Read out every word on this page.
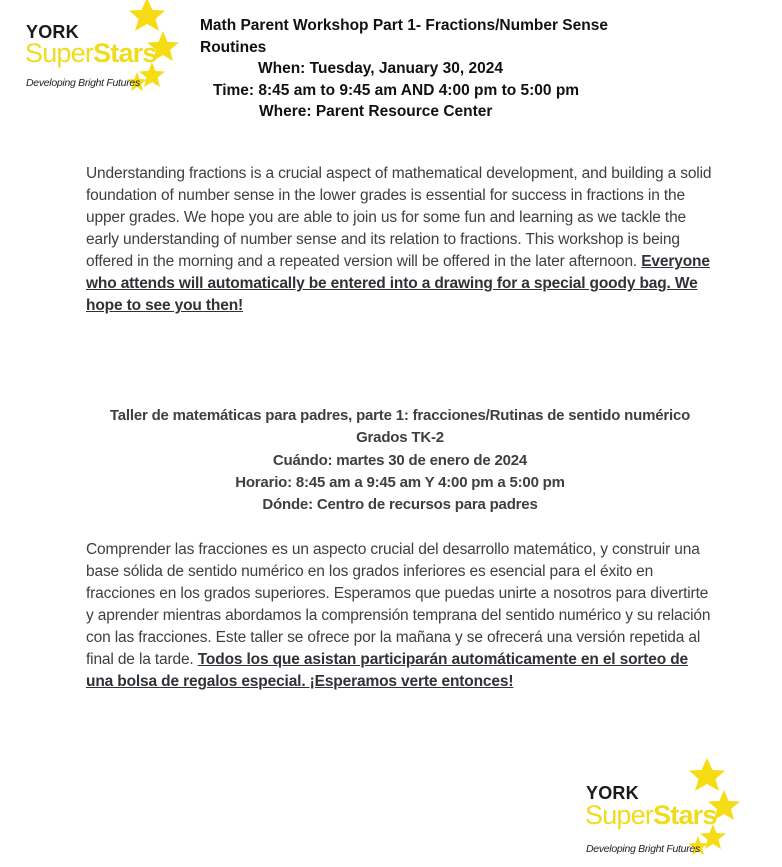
YORK
SuperStars
Developing Bright Futures
Math Parent Workshop Part 1- Fractions/Number Sense
Routines
When: Tuesday, January 30, 2024
Time: 8:45 am to 9:45 am AND 4:00 pm to 5:00 pm
Where: Parent Resource Center

Understanding fractions is a crucial aspect of mathematical development, and building a solid foundation of number sense in the lower grades is essential for success in fractions in the upper grades. We hope you are able to join us for some fun and learning as we tackle the early understanding of number sense and its relation to fractions. This workshop is being offered in the morning and a repeated version will be offered in the later afternoon. Everyone who attends will automatically be entered into a drawing for a special goody bag. We hope to see you then!

Taller de matemáticas para padres, parte 1: fracciones/Rutinas de sentido numérico
Grados TK-2
Cuándo: martes 30 de enero de 2024
Horario: 8:45 am a 9:45 am Y 4:00 pm a 5:00 pm
Dónde: Centro de recursos para padres

Comprender las fracciones es un aspecto crucial del desarrollo matemático, y construir una base sólida de sentido numérico en los grados inferiores es esencial para el éxito en fracciones en los grados superiores. Esperamos que puedas unirte a nosotros para divertirte y aprender mientras abordamos la comprensión temprana del sentido numérico y su relación con las fracciones. Este taller se ofrece por la mañana y se ofrecerá una versión repetida al final de la tarde. Todos los que asistan participarán automáticamente en el sorteo de una bolsa de regalos especial. ¡Esperamos verte entonces!

YORK
SuperStars
Developing Bright Futures
